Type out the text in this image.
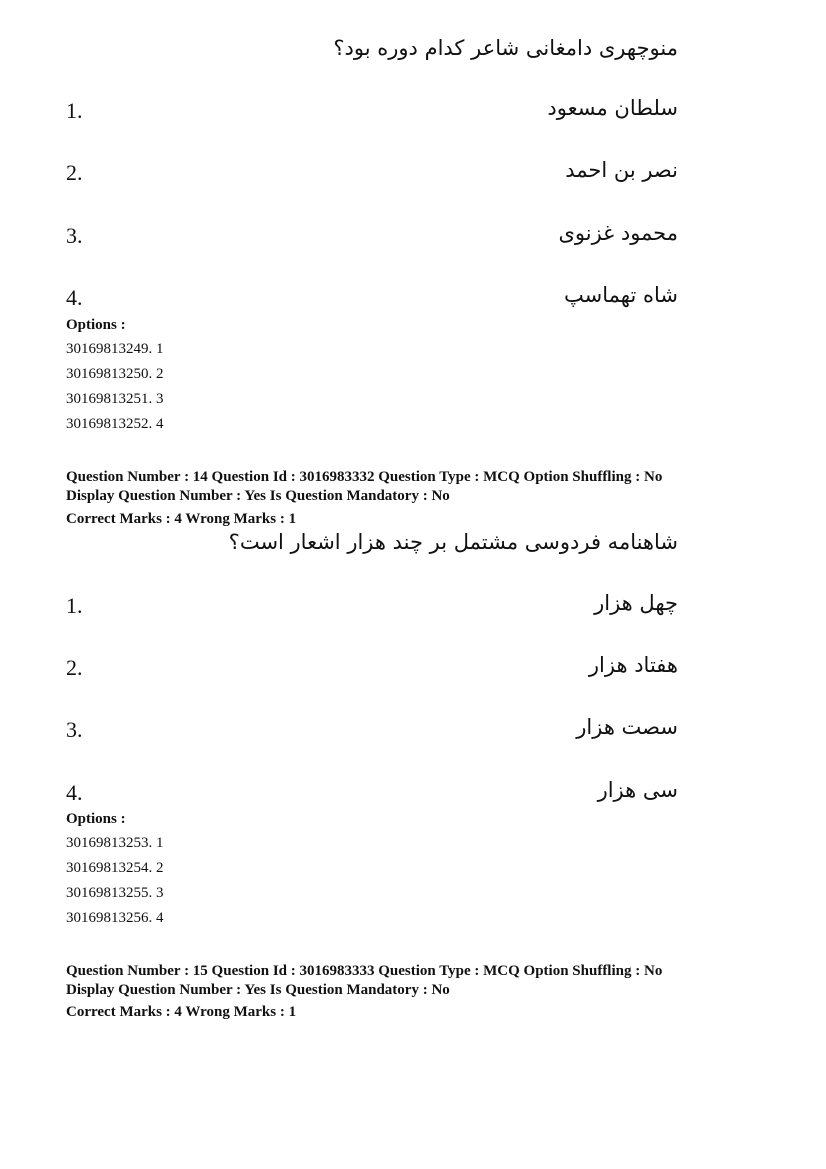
منوچهری دامغانی شاعر کدام دوره بود؟
1.	سلطان مسعود
2.	نصر بن احمد
3.	محمود غزنوی
4.	شاه تهماسپ
Options :
30169813249. 1
30169813250. 2
30169813251. 3
30169813252. 4
Question Number : 14 Question Id : 3016983332 Question Type : MCQ Option Shuffling : No
Display Question Number : Yes Is Question Mandatory : No
Correct Marks : 4 Wrong Marks : 1
شاهنامه فردوسی مشتمل بر چند هزار اشعار است؟
1.	چهل هزار
2.	هفتاد هزار
3.	سصت هزار
4.	سی هزار
Options :
30169813253. 1
30169813254. 2
30169813255. 3
30169813256. 4
Question Number : 15 Question Id : 3016983333 Question Type : MCQ Option Shuffling : No
Display Question Number : Yes Is Question Mandatory : No
Correct Marks : 4 Wrong Marks : 1
